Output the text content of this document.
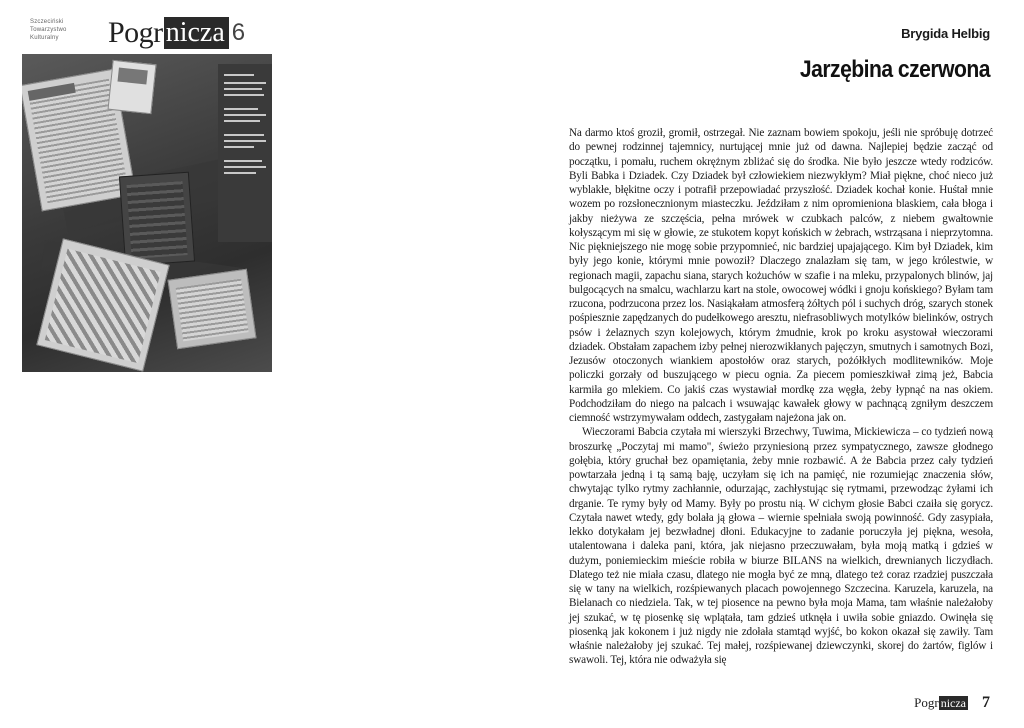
Szczeciński
Towarzystwo
Kulturalny	Pogr nicza 6	Brygida Helbig
Jarzębina czerwona

Na darmo ktoś groził, gromił, ostrzegał. Nie zaznam bowiem spokoju, jeśli nie spróbuję dotrzeć do pewnej rodzinnej tajemnicy, nurtującej mnie już od dawna. Najlepiej będzie zacząć od początku, i pomału, ruchem okrężnym zbliżać się do środka. Nie było jeszcze wtedy rodziców. Byli Babka i Dziadek. Czy Dziadek był człowiekiem niezwykłym? Miał piękne, choć nieco już wyblakłe, błękitne oczy i potrafił przepowiadać przyszłość. Dziadek kochał konie. Huśtał mnie wozem po rozsłonecznionym miasteczku. Jeździłam z nim opromieniona blaskiem, cała błoga i jakby nieżywa ze szczęścia, pełna mrówek w czubkach palców, z niebem gwałtownie kołyszącym mi się w głowie, ze stukotem kopyt końskich w żebrach, wstrząsana i nieprzytomna. Nic piękniejszego nie mogę sobie przypomnieć, nic bardziej upajającego. Kim był Dziadek, kim były jego konie, którymi mnie powoził? Dlaczego znalazłam się tam, w jego królestwie, w regionach magii, zapachu siana, starych kożuchów w szafie i na mleku, przypalonych blinów, jaj bulgocących na smalcu, wachlarzu kart na stole, owocowej wódki i gnoju końskiego? Byłam tam rzucona, podrzucona przez los. Nasiąkałam atmosferą żółtych pól i suchych dróg, szarych stonek pośpiesznie zapędzanych do pudełkowego aresztu, niefrasobliwych motylków bielinków, ostrych psów i żelaznych szyn kolejowych, którym żmudnie, krok po kroku asystował wieczorami dziadek. Obstałam zapachem izby pełnej nierozwikłanych pajęczyn, smutnych i samotnych Bozi, Jezusów otoczonych wiankiem apostołów oraz starych, pożółkłych modlitewników. Moje policzki gorzały od buszującego w piecu ognia. Za piecem pomieszkiwał zimą jeż, Babcia karmiła go mlekiem. Co jakiś czas wystawiał mordkę zza węgła, żeby łypnąć na nas okiem. Podchodziłam do niego na palcach i wsuwając kawałek głowy w pachnącą zgniłym deszczem ciemność wstrzymywałam oddech, zastygałam najeżona jak on.

Wieczorami Babcia czytała mi wierszyki Brzechwy, Tuwima, Mickiewicza – co tydzień nową broszurkę „Poczytaj mi mamo", świeżo przyniesioną przez sympatycznego, zawsze głodnego gołębia, który gruchał bez opamiętania, żeby mnie rozbawić. A że Babcia przez cały tydzień powtarzała jedną i tą samą baję, uczyłam się ich na pamięć, nie rozumiejąc znaczenia słów, chwytając tylko rytmy zachłannie, odurzając, zachłystując się rytmami, przewodząc żyłami ich drganie. Te rymy były od Mamy. Były po prostu nią. W cichym głosie Babci czaiła się gorycz. Czytała nawet wtedy, gdy bolała ją głowa – wiernie spełniała swoją powinność. Gdy zasypiała, lekko dotykałam jej bezwładnej dłoni. Edukacyjne to zadanie poruczyła jej piękna, wesoła, utalentowana i daleka pani, która, jak niejasno przeczuwałam, była moją matką i gdzieś w dużym, poniemieckim mieście robiła w biurze BILANS na wielkich, drewnianych liczydłach. Dlatego też nie miała czasu, dlatego nie mogła być ze mną, dlatego też coraz rzadziej puszczała się w tany na wielkich, rozśpiewanych placach powojennego Szczecina. Karuzela, karuzela, na Bielanach co niedziela. Tak, w tej piosence na pewno była moja Mama, tam właśnie należałoby jej szukać, w tę piosenkę się wplątała, tam gdzieś utknęła i uwiła sobie gniazdo. Owinęła się piosenką jak kokonem i już nigdy nie zdołała stamtąd wyjść, bo kokon okazał się zawiły. Tam właśnie należałoby jej szukać. Tej małej, rozśpiewanej dziewczynki, skorej do żartów, figlów i swawoli. Tej, która nie odważyła się

Pogr nicza 7
